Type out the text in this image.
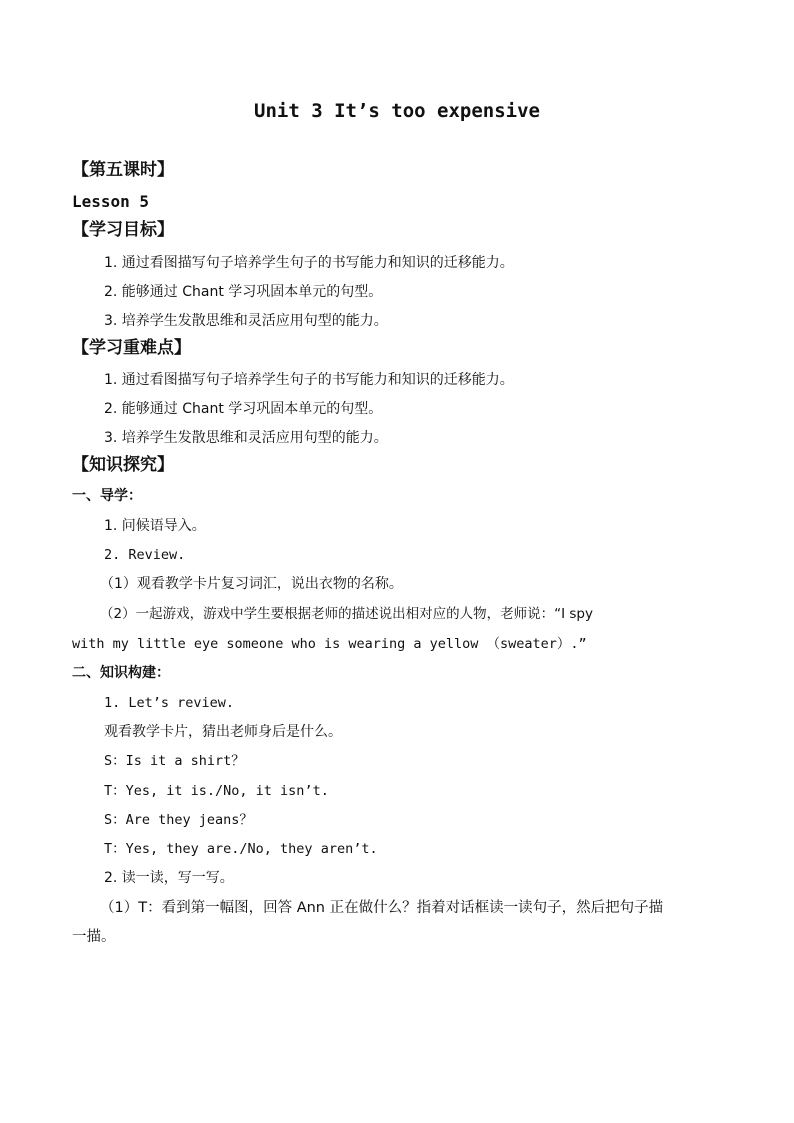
Unit 3 It’s too expensive
【第五课时】
Lesson 5
【学习目标】
1. 通过看图描写句子培养学生句子的书写能力和知识的迁移能力。
2. 能够通过 Chant 学习巩固本单元的句型。
3. 培养学生发散思维和灵活应用句型的能力。
【学习重难点】
1. 通过看图描写句子培养学生句子的书写能力和知识的迁移能力。
2. 能够通过 Chant 学习巩固本单元的句型。
3. 培养学生发散思维和灵活应用句型的能力。
【知识探究】
一、导学：
1. 问候语导入。
2. Review.
（1）观看教学卡片复习词汇，说出衣物的名称。
（2）一起游戏，游戏中学生要根据老师的描述说出相对应的人物，老师说：“I spy
with my little eye someone who is wearing a yellow （sweater）.”
二、知识构建：
1. Let’s review.
观看教学卡片，猜出老师身后是什么。
S：Is it a shirt？
T：Yes, it is./No, it isn’t.
S：Are they jeans？
T：Yes, they are./No, they aren’t.
2. 读一读，写一写。
（1）T：看到第一幅图，回答 Ann 正在做什么？指着对话框读一读句子，然后把句子描
一描。
